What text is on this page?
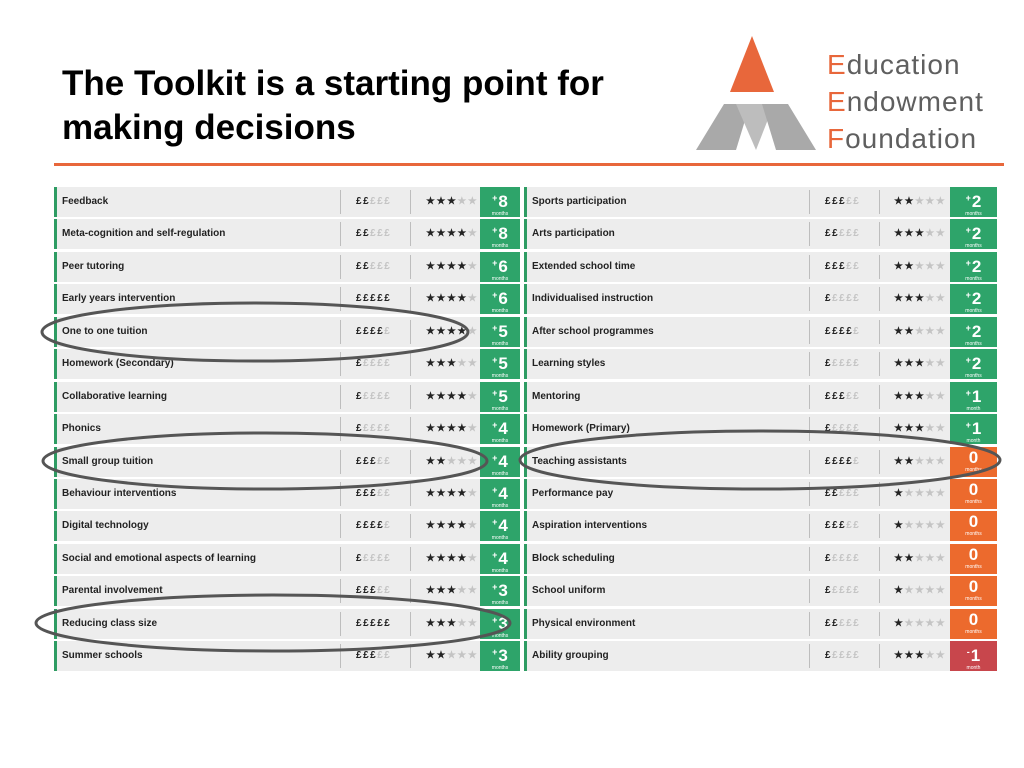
The Toolkit is a starting point for making decisions
Education
Endowment
Foundation
Feedback	£££££	★★★★★	+8
months
Meta-cognition and self-regulation	£££££	★★★★★	+8
months
Peer tutoring	£££££	★★★★★	+6
months
Early years intervention	£££££	★★★★★	+6
months
One to one tuition	£££££	★★★★★	+5
months
Homework (Secondary)	£££££	★★★★★	+5
months
Collaborative learning	£££££	★★★★★	+5
months
Phonics	£££££	★★★★★	+4
months
Small group tuition	£££££	★★★★★	+4
months
Behaviour interventions	£££££	★★★★★	+4
months
Digital technology	£££££	★★★★★	+4
months
Social and emotional aspects of learning	£££££	★★★★★	+4
months
Parental involvement	£££££	★★★★★	+3
months
Reducing class size	£££££	★★★★★	+3
months
Summer schools	£££££	★★★★★	+3
months
Sports participation	£££££	★★★★★	+2
months
Arts participation	£££££	★★★★★	+2
months
Extended school time	£££££	★★★★★	+2
months
Individualised instruction	£££££	★★★★★	+2
months
After school programmes	£££££	★★★★★	+2
months
Learning styles	£££££	★★★★★	+2
months
Mentoring	£££££	★★★★★	+1
month
Homework (Primary)	£££££	★★★★★	+1
month
Teaching assistants	£££££	★★★★★	0
months
Performance pay	£££££	★★★★★	0
months
Aspiration interventions	£££££	★★★★★	0
months
Block scheduling	£££££	★★★★★	0
months
School uniform	£££££	★★★★★	0
months
Physical environment	£££££	★★★★★	0
months
Ability grouping	£££££	★★★★★	-1
month
